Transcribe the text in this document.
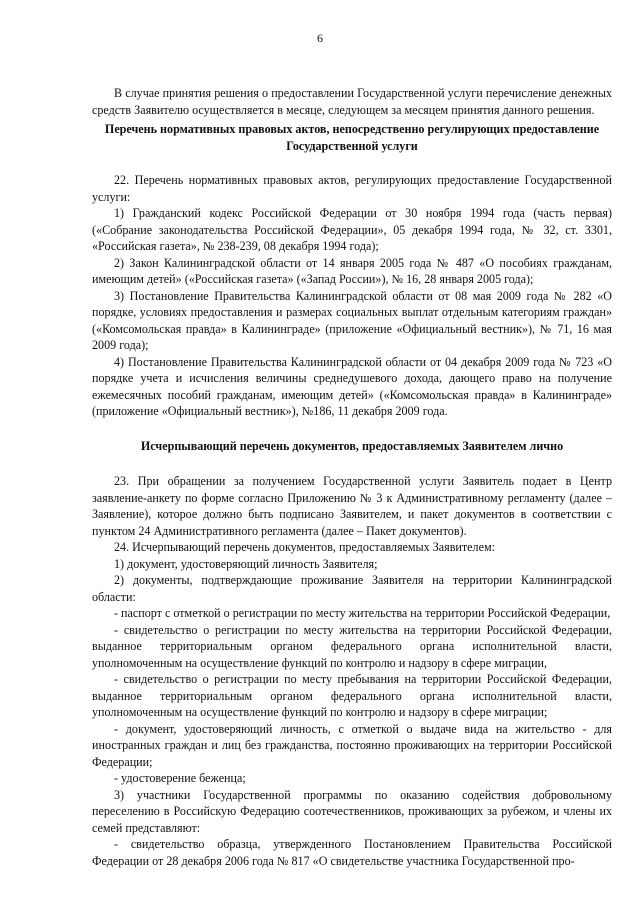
6

В случае принятия решения о предоставлении Государственной услуги перечисление денежных средств Заявителю осуществляется в месяце, следующем за месяцем принятия данного решения.

Перечень нормативных правовых актов, непосредственно регулирующих предоставление Государственной услуги

22. Перечень нормативных правовых актов, регулирующих предоставление Государственной услуги:

1) Гражданский кодекс Российской Федерации от 30 ноября 1994 года (часть первая) («Собрание законодательства Российской Федерации», 05 декабря 1994 года, № 32, ст. 3301, «Российская газета», № 238-239, 08 декабря 1994 года);

2) Закон Калининградской области от 14 января 2005 года № 487 «О пособиях гражданам, имеющим детей» («Российская газета» («Запад России»), № 16, 28 января 2005 года);

3) Постановление Правительства Калининградской области от 08 мая 2009 года № 282 «О порядке, условиях предоставления и размерах социальных выплат отдельным категориям граждан» («Комсомольская правда» в Калининграде» (приложение «Официальный вестник»), № 71, 16 мая 2009 года);

4) Постановление Правительства Калининградской области от 04 декабря 2009 года № 723 «О порядке учета и исчисления величины среднедушевого дохода, дающего право на получение ежемесячных пособий гражданам, имеющим детей» («Комсомольская правда» в Калининграде» (приложение «Официальный вестник»), №186, 11 декабря 2009 года.

Исчерпывающий перечень документов, предоставляемых Заявителем лично

23. При обращении за получением Государственной услуги Заявитель подает в Центр заявление-анкету по форме согласно Приложению № 3 к Административному регламенту (далее – Заявление), которое должно быть подписано Заявителем, и пакет документов в соответствии с пунктом 24 Административного регламента (далее – Пакет документов).

24. Исчерпывающий перечень документов, предоставляемых Заявителем:

1) документ, удостоверяющий личность Заявителя;

2) документы, подтверждающие проживание Заявителя на территории Калининградской области:

- паспорт с отметкой о регистрации по месту жительства на территории Российской Федерации,

- свидетельство о регистрации по месту жительства на территории Российской Федерации, выданное территориальным органом федерального органа исполнительной власти, уполномоченным на осуществление функций по контролю и надзору в сфере миграции,

- свидетельство о регистрации по месту пребывания на территории Российской Федерации, выданное территориальным органом федерального органа исполнительной власти, уполномоченным на осуществление функций по контролю и надзору в сфере миграции;

- документ, удостоверяющий личность, с отметкой о выдаче вида на жительство - для иностранных граждан и лиц без гражданства, постоянно проживающих на территории Российской Федерации;

- удостоверение беженца;

3) участники Государственной программы по оказанию содействия добровольному переселению в Российскую Федерацию соотечественников, проживающих за рубежом, и члены их семей представляют:

- свидетельство образца, утвержденного Постановлением Правительства Российской Федерации от 28 декабря 2006 года № 817 «О свидетельстве участника Государственной про-
